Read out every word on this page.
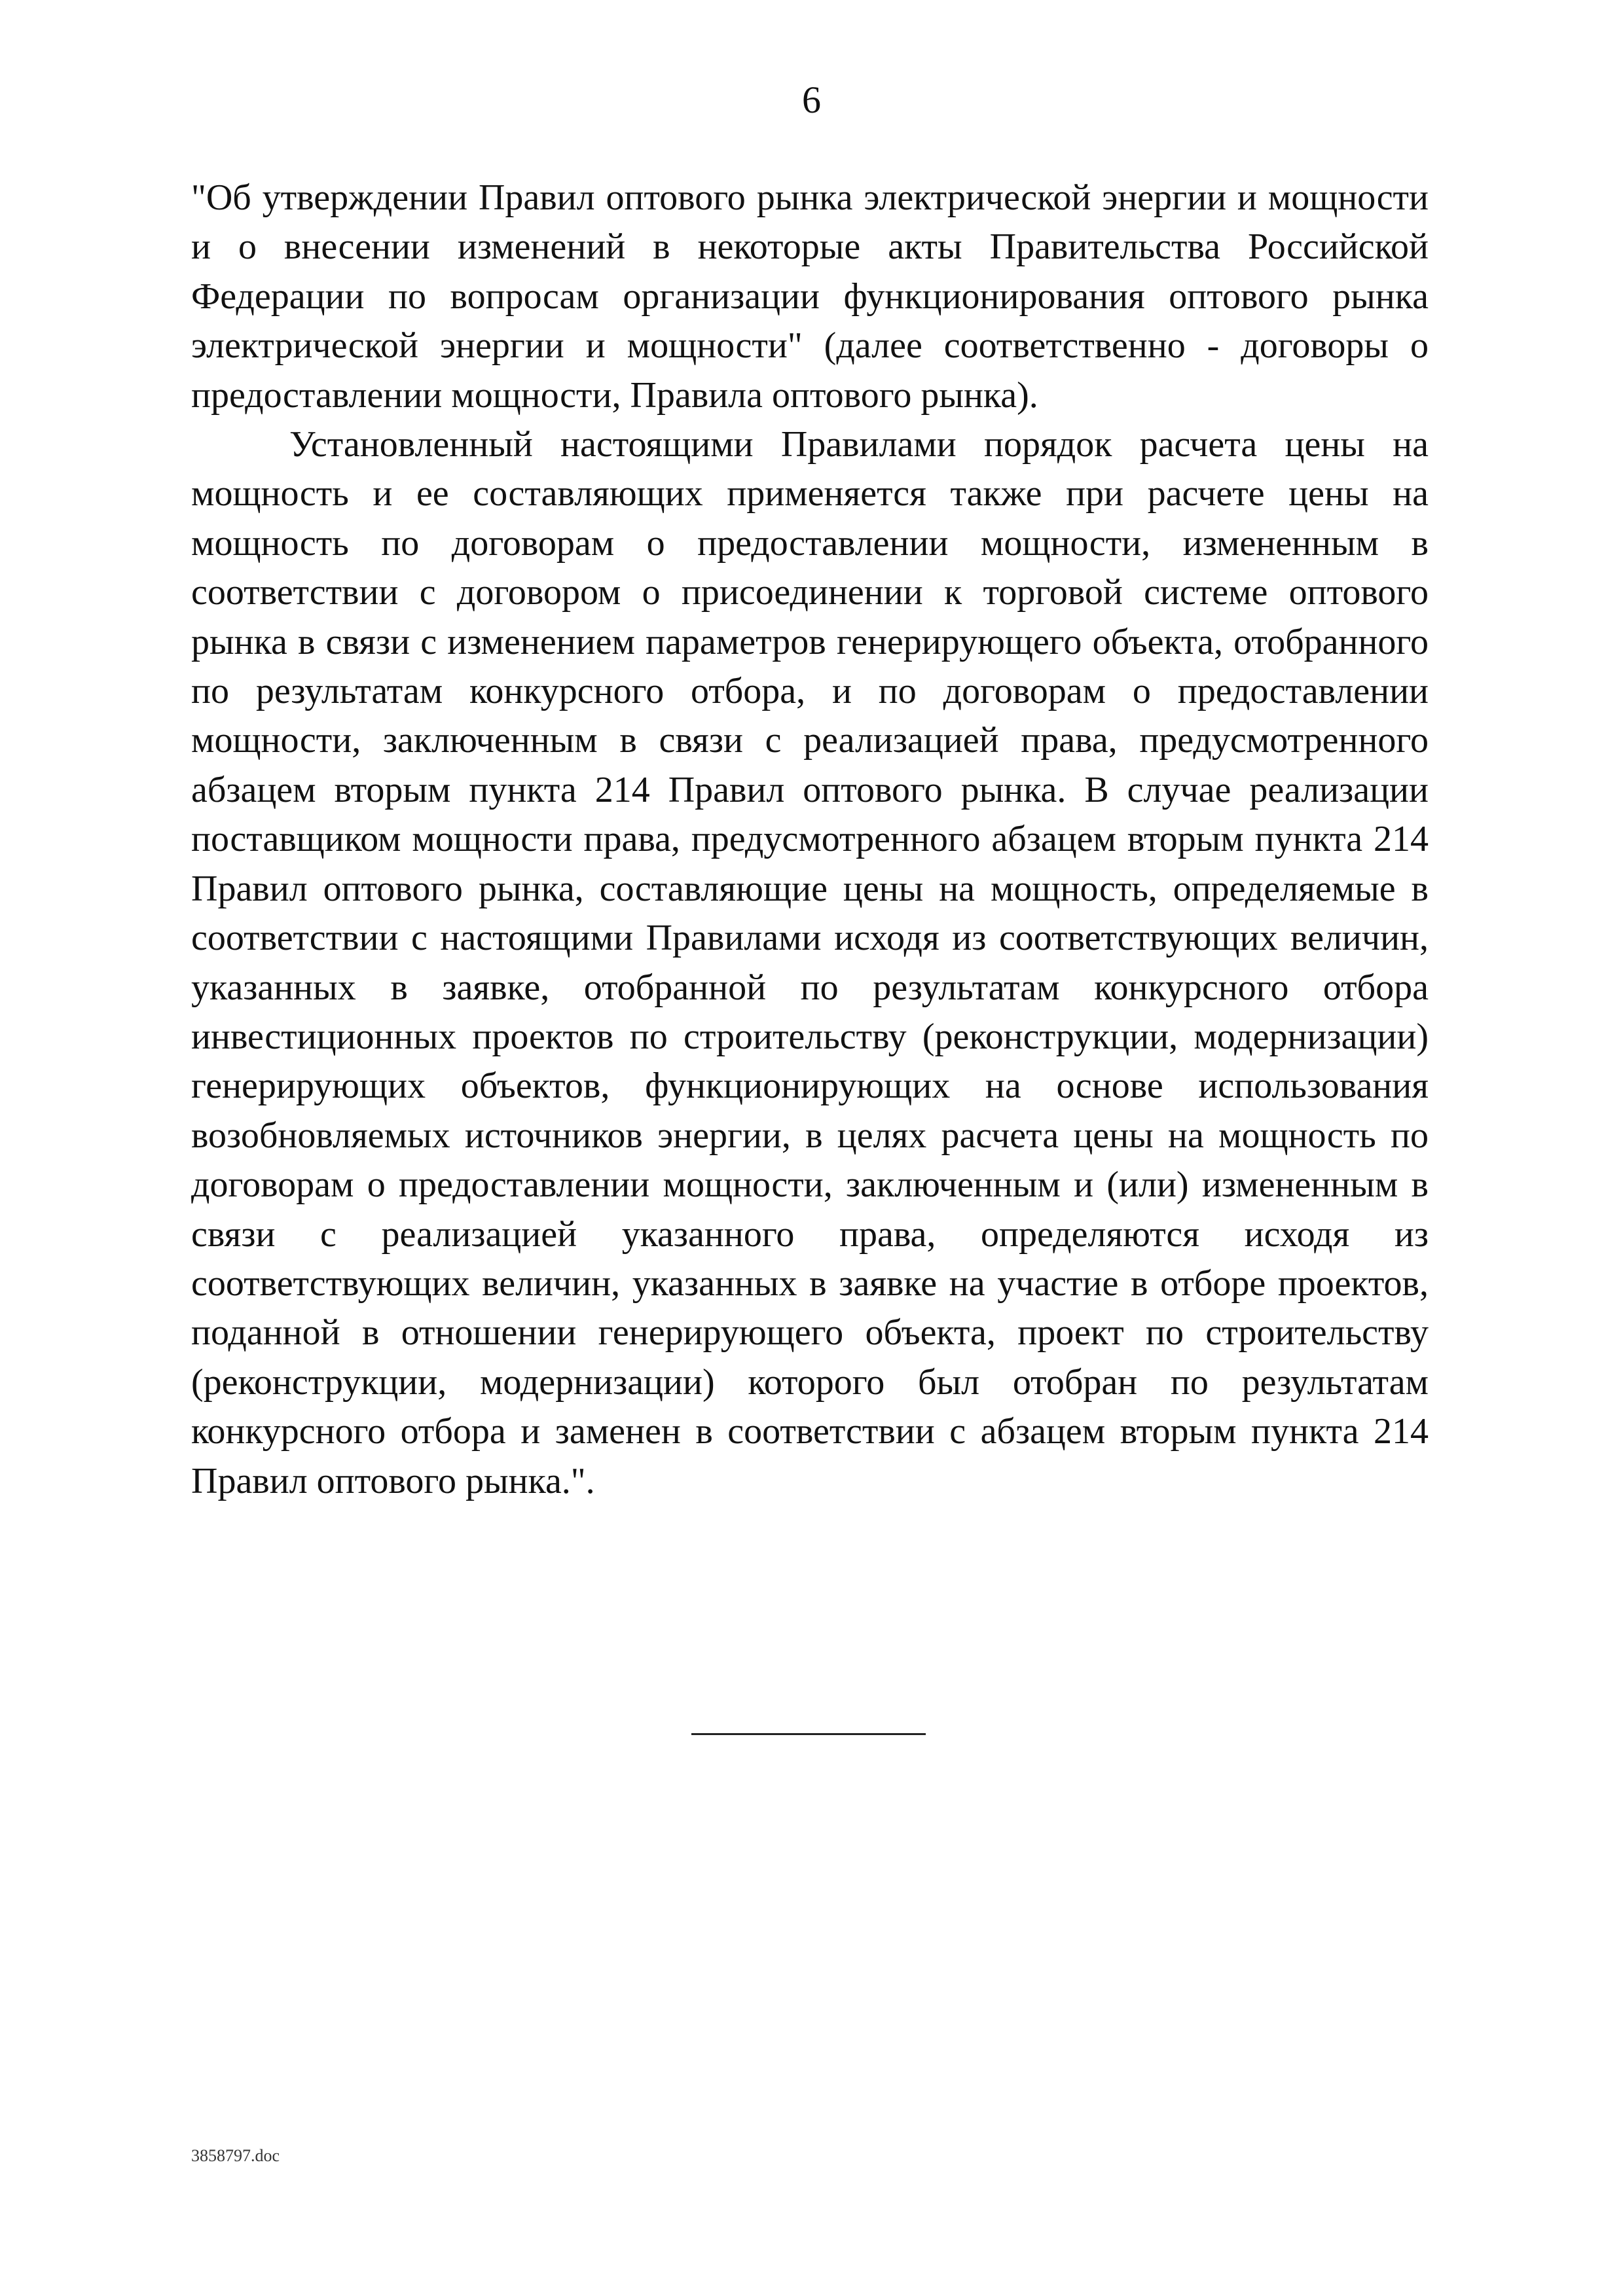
6

"Об утверждении Правил оптового рынка электрической энергии и мощности и о внесении изменений в некоторые акты Правительства Российской Федерации по вопросам организации функционирования оптового рынка электрической энергии и мощности" (далее соответственно - договоры о предоставлении мощности, Правила оптового рынка).

Установленный настоящими Правилами порядок расчета цены на мощность и ее составляющих применяется также при расчете цены на мощность по договорам о предоставлении мощности, измененным в соответствии с договором о присоединении к торговой системе оптового рынка в связи с изменением параметров генерирующего объекта, отобранного по результатам конкурсного отбора, и по договорам о предоставлении мощности, заключенным в связи с реализацией права, предусмотренного абзацем вторым пункта 214 Правил оптового рынка. В случае реализации поставщиком мощности права, предусмотренного абзацем вторым пункта 214 Правил оптового рынка, составляющие цены на мощность, определяемые в соответствии с настоящими Правилами исходя из соответствующих величин, указанных в заявке, отобранной по результатам конкурсного отбора инвестиционных проектов по строительству (реконструкции, модернизации) генерирующих объектов, функционирующих на основе использования возобновляемых источников энергии, в целях расчета цены на мощность по договорам о предоставлении мощности, заключенным и (или) измененным в связи с реализацией указанного права, определяются исходя из соответствующих величин, указанных в заявке на участие в отборе проектов, поданной в отношении генерирующего объекта, проект по строительству (реконструкции, модернизации) которого был отобран по результатам конкурсного отбора и заменен в соответствии с абзацем вторым пункта 214 Правил оптового рынка.".

3858797.doc
